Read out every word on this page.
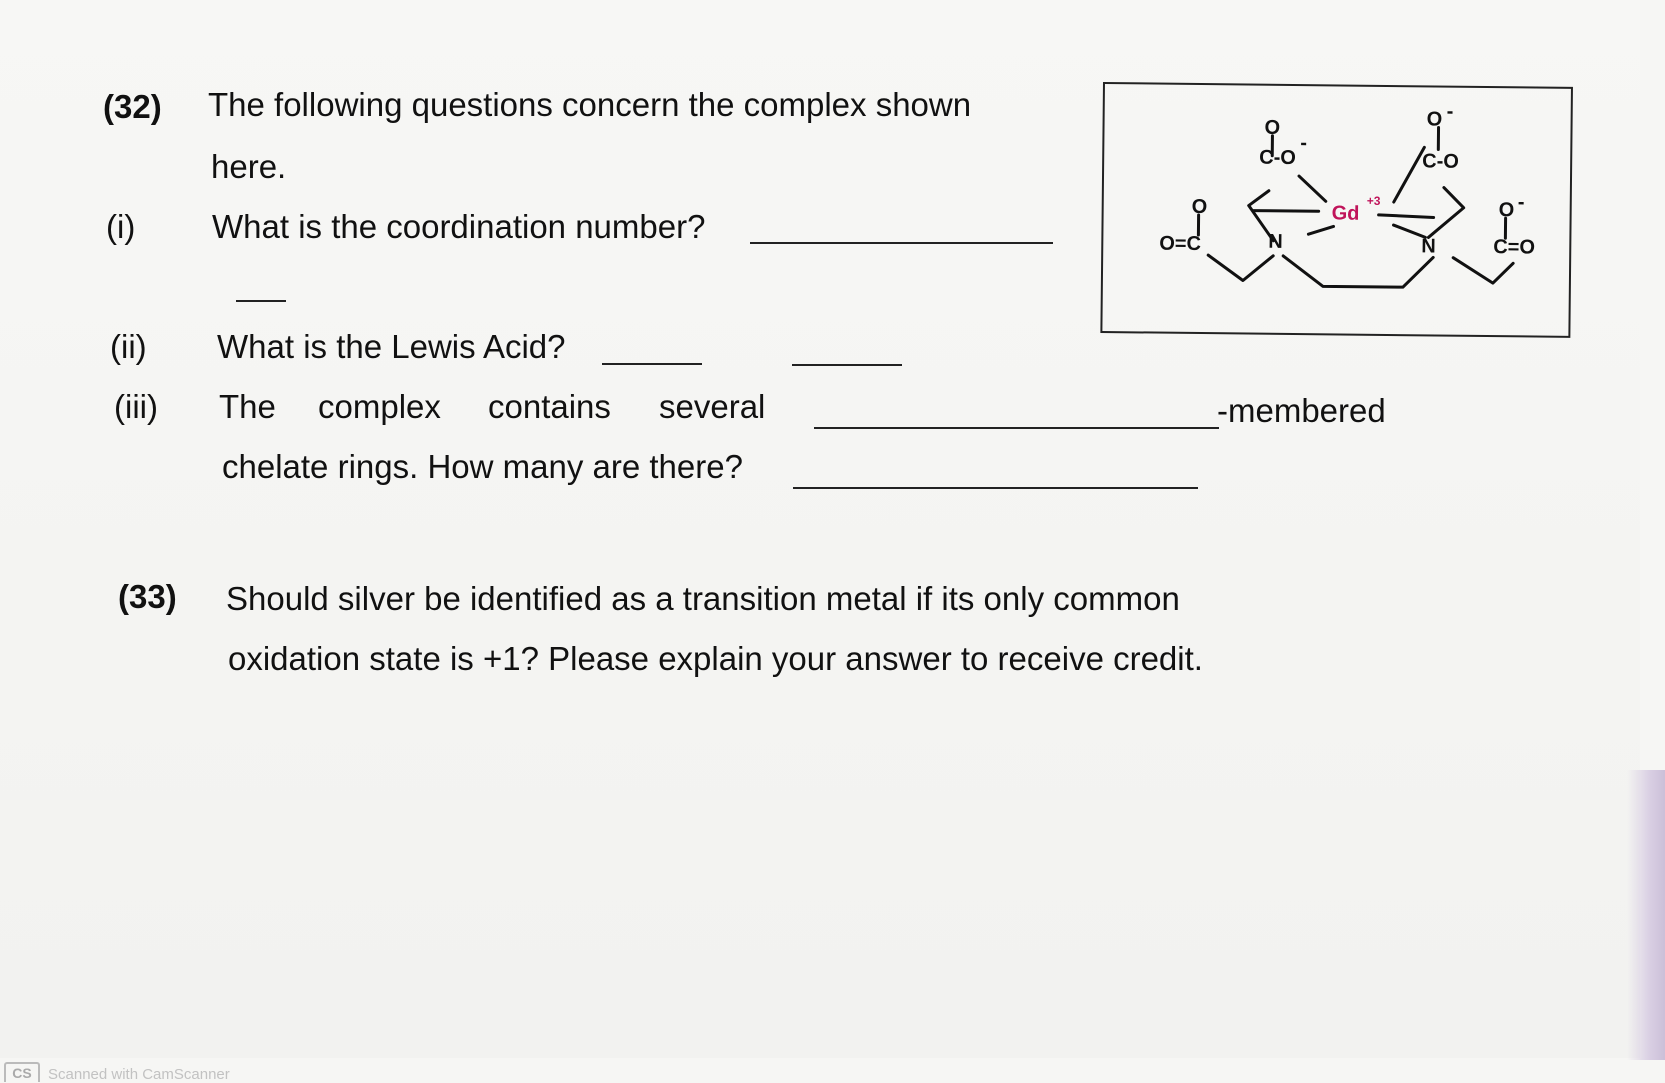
(32) The following questions concern the complex shown
here.
(i) What is the coordination number?
(ii) What is the Lewis Acid?
(iii) The complex contains several	-membered
chelate rings. How many are there?
O=C
O
O
C-O
-
N	N
O -
C-O
O -
C=O
Gd
+3
(33) Should silver be identified as a transition metal if its only common
oxidation state is +1? Please explain your answer to receive credit.
CS	Scanned with CamScanner
